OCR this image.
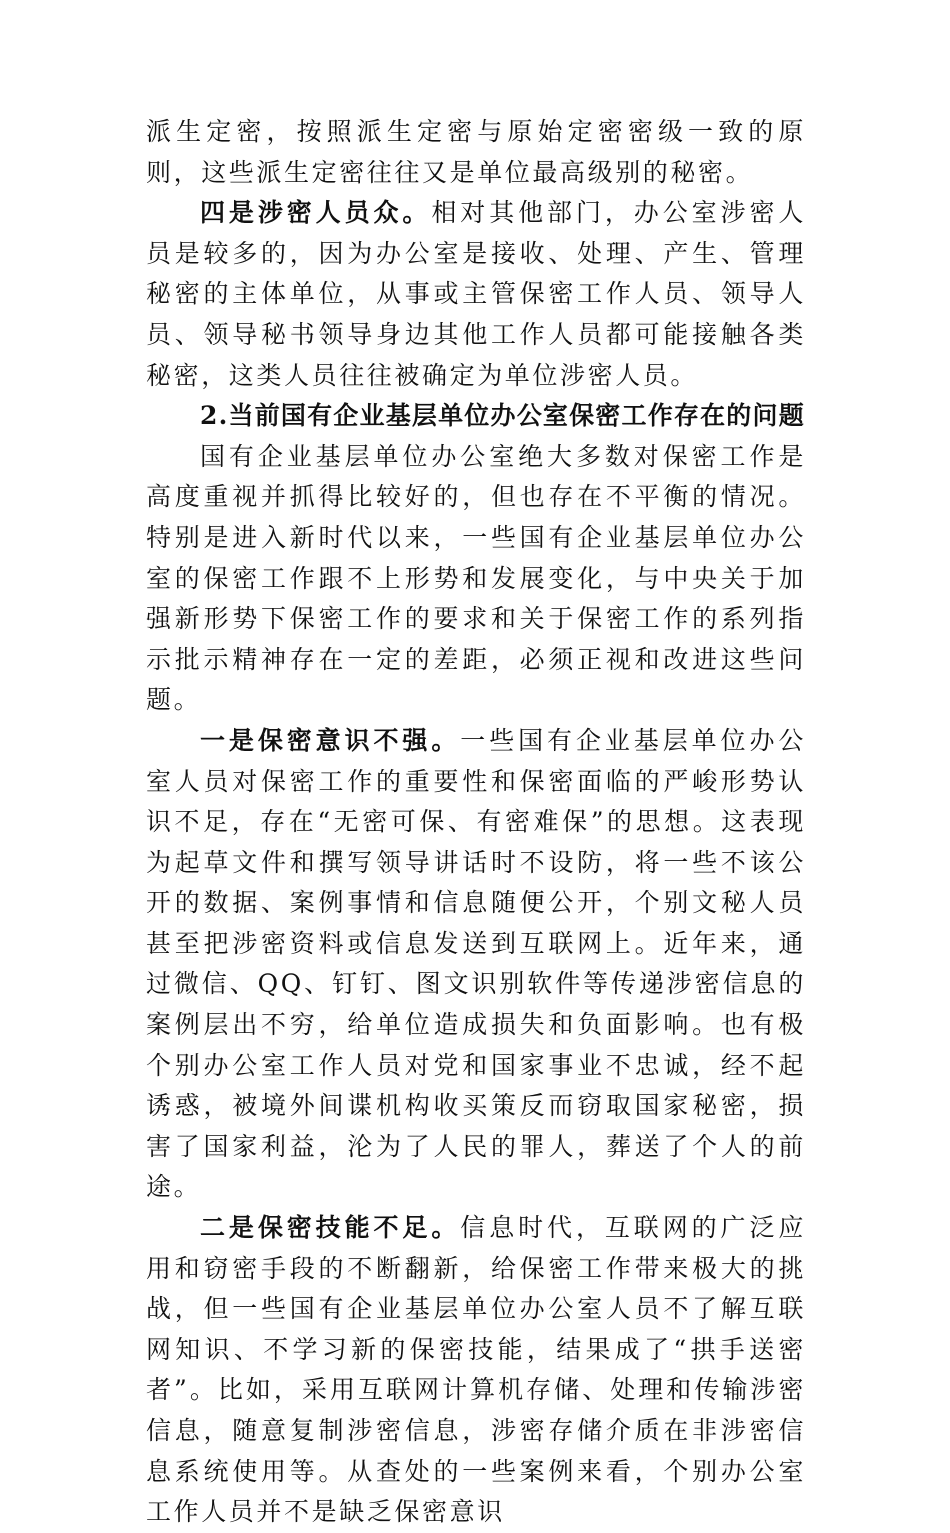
派生定密，按照派生定密与原始定密密级一致的原则，这些派生定密往往又是单位最高级别的秘密。

四是涉密人员众。相对其他部门，办公室涉密人员是较多的，因为办公室是接收、处理、产生、管理秘密的主体单位，从事或主管保密工作人员、领导人员、领导秘书领导身边其他工作人员都可能接触各类秘密，这类人员往往被确定为单位涉密人员。

2.当前国有企业基层单位办公室保密工作存在的问题

国有企业基层单位办公室绝大多数对保密工作是高度重视并抓得比较好的，但也存在不平衡的情况。特别是进入新时代以来，一些国有企业基层单位办公室的保密工作跟不上形势和发展变化，与中央关于加强新形势下保密工作的要求和关于保密工作的系列指示批示精神存在一定的差距，必须正视和改进这些问题。

一是保密意识不强。一些国有企业基层单位办公室人员对保密工作的重要性和保密面临的严峻形势认识不足，存在“无密可保、有密难保”的思想。这表现为起草文件和撰写领导讲话时不设防，将一些不该公开的数据、案例事情和信息随便公开，个别文秘人员甚至把涉密资料或信息发送到互联网上。近年来，通过微信、QQ、钉钉、图文识别软件等传递涉密信息的案例层出不穷，给单位造成损失和负面影响。也有极个别办公室工作人员对党和国家事业不忠诚，经不起诱惑，被境外间谍机构收买策反而窃取国家秘密，损害了国家利益，沦为了人民的罪人，葬送了个人的前途。

二是保密技能不足。信息时代，互联网的广泛应用和窃密手段的不断翻新，给保密工作带来极大的挑战，但一些国有企业基层单位办公室人员不了解互联网知识、不学习新的保密技能，结果成了“拱手送密者”。比如，采用互联网计算机存储、处理和传输涉密信息，随意复制涉密信息，涉密存储介质在非涉密信息系统使用等。从查处的一些案例来看，个别办公室工作人员并不是缺乏保密意识
